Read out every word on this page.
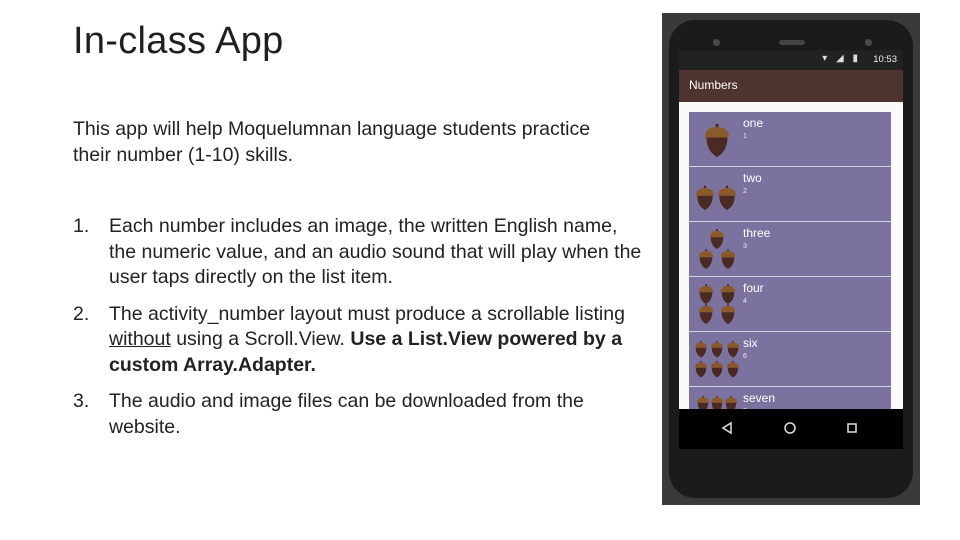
In-class App
This app will help Moquelumnan language students practice their number (1-10) skills.
1. Each number includes an image, the written English name, the numeric value, and an audio sound that will play when the user taps directly on the list item.
2. The activity_number layout must produce a scrollable listing without using a Scroll.View. Use a List.View powered by a custom Array.Adapter.
3. The audio and image files can be downloaded from the website.
▾ ◢ ▮ 10:53
Numbers
one
1
two
2
three
3
four
4
six
6
seven
